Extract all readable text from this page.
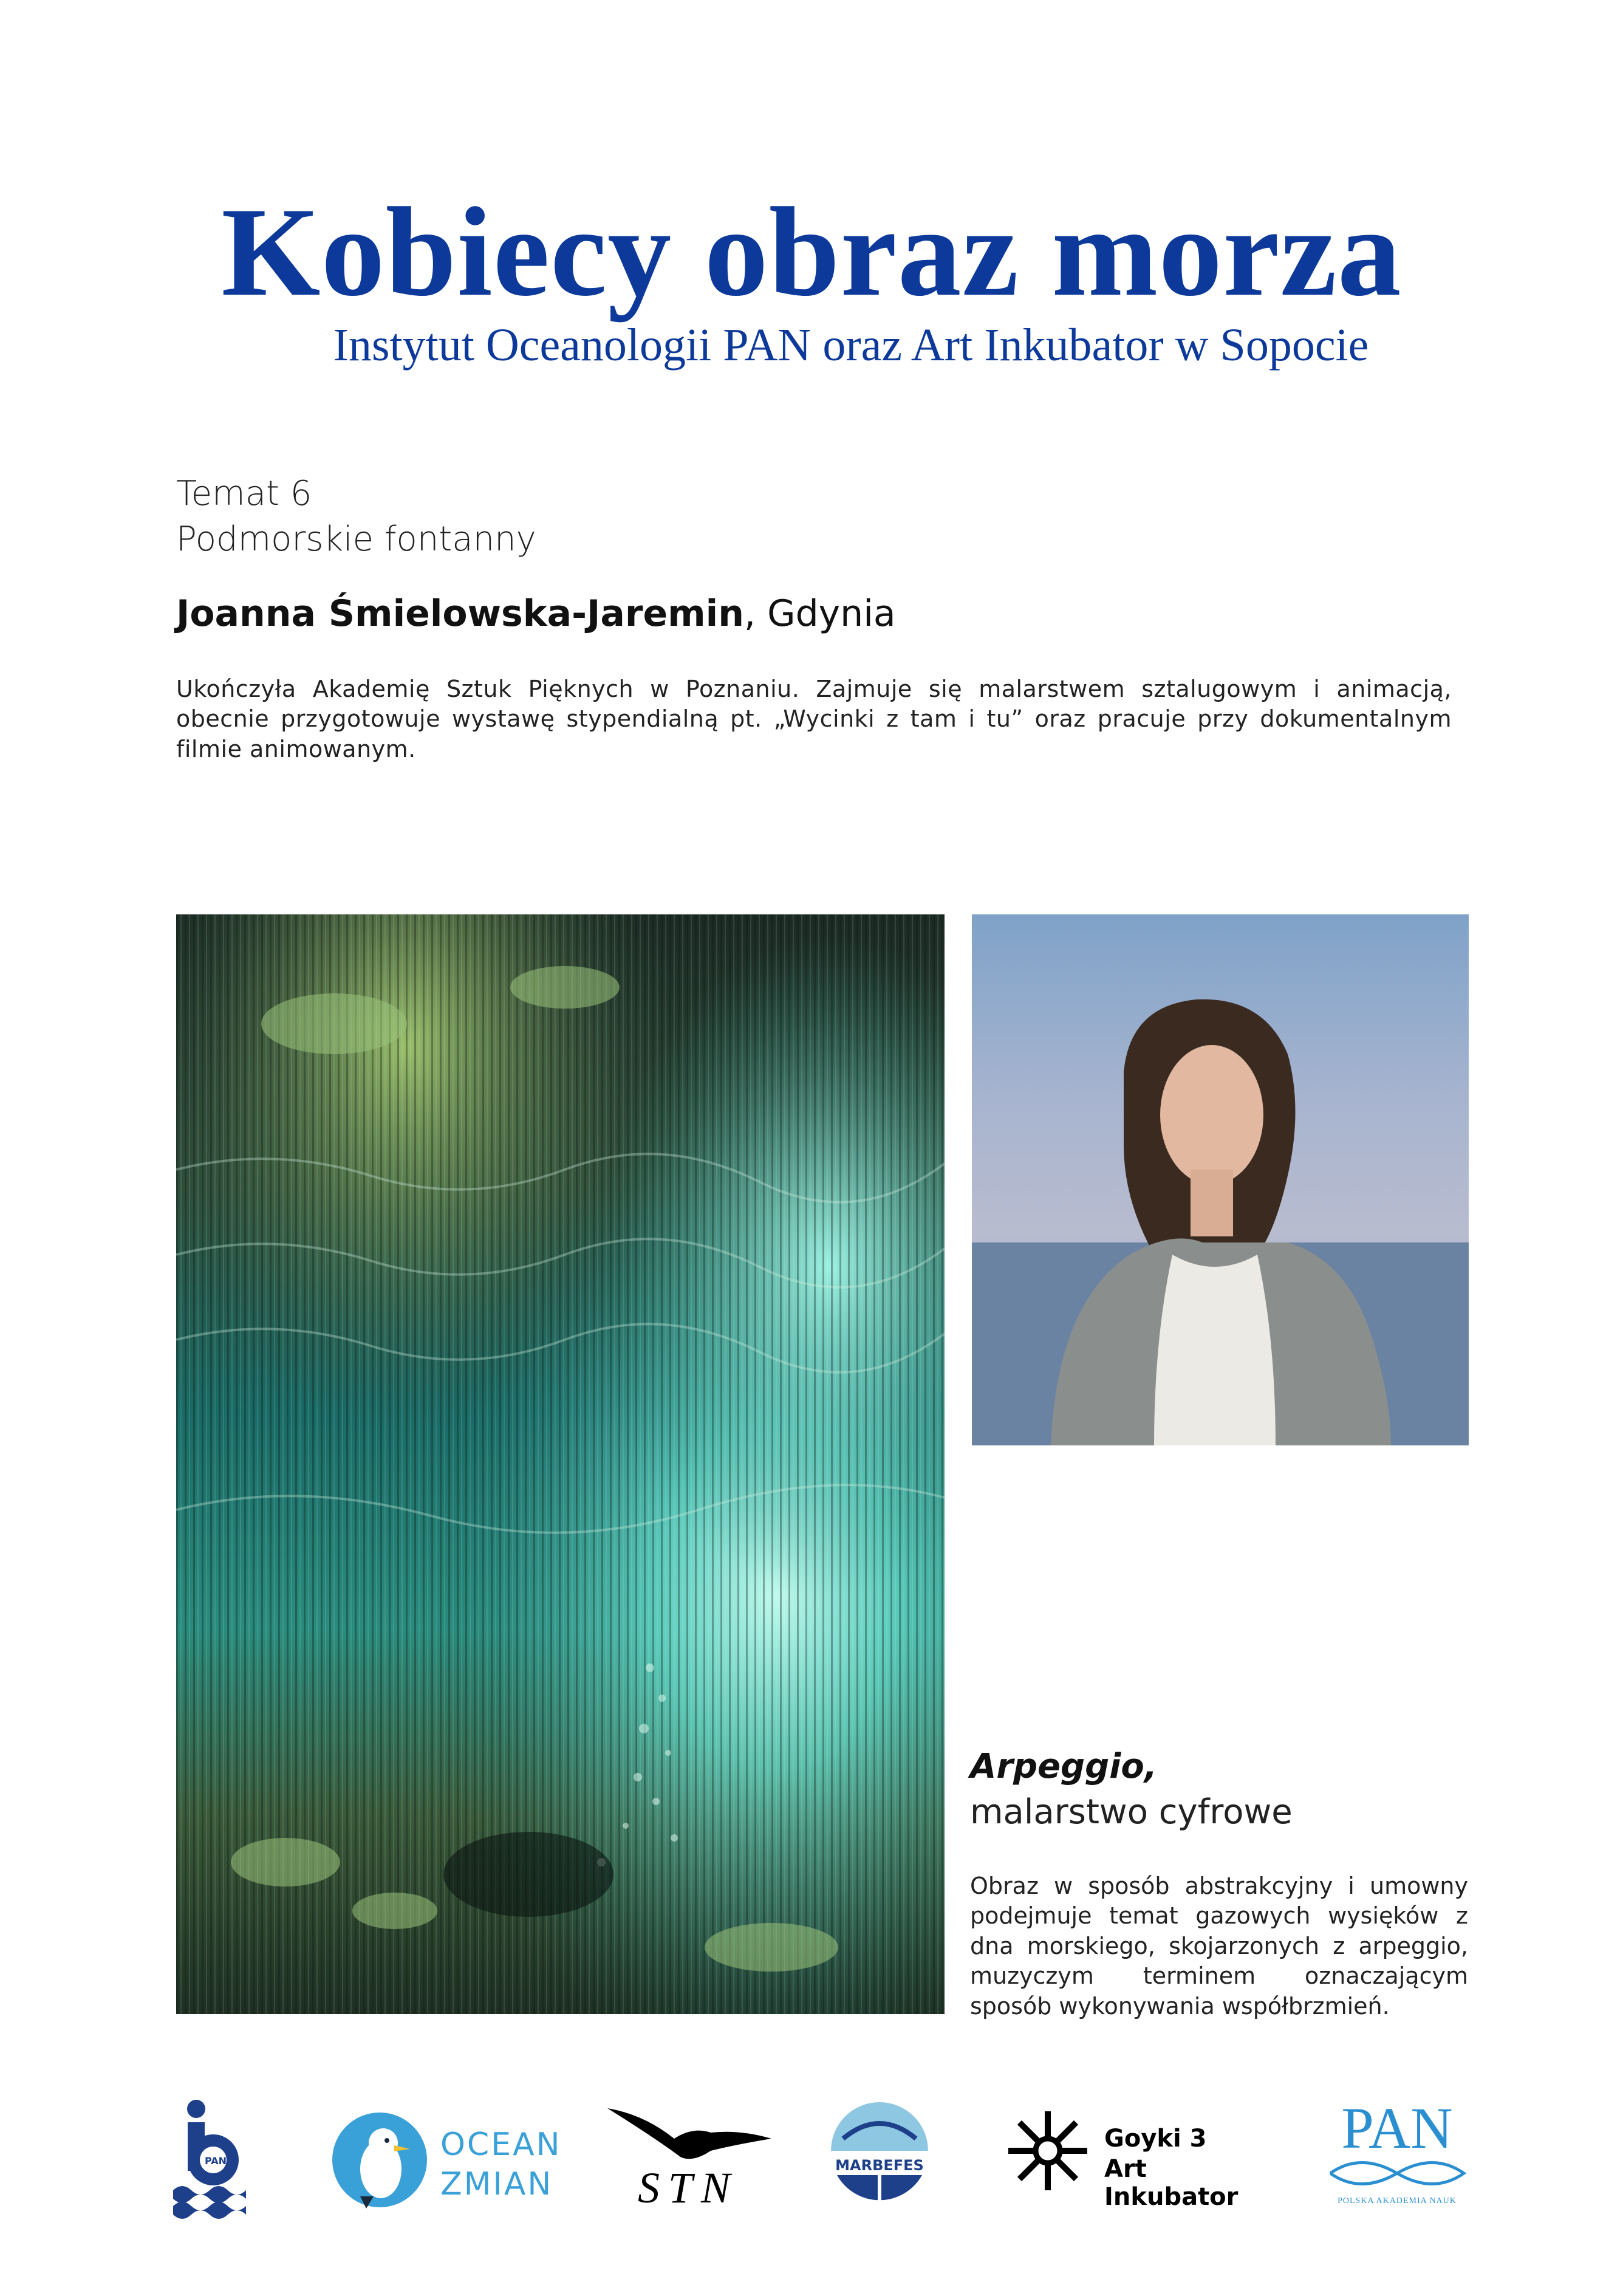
Kobiecy obraz morza
Instytut Oceanologii PAN oraz Art Inkubator w Sopocie
Temat 6
Podmorskie fontanny
Joanna Śmielowska-Jaremin, Gdynia
Ukończyła Akademię Sztuk Pięknych w Poznaniu. Zajmuje się malarstwem sztalugowym i animacją, obecnie przygotowuje wystawę stypendialną pt. „Wycinki z tam i tu” oraz pracuje przy dokumentalnym filmie animowanym.
Arpeggio,
malarstwo cyfrowe
Obraz w sposób abstrakcyjny i umowny podejmuje temat gazowych wysięków z dna morskiego, skojarzonych z arpeggio, muzyczym terminem oznaczającym sposób wykonywania współbrzmień.
PAN	OCEAN
ZMIAN STN	MARBEFES
Goyki 3
Art Inkubator
PAN
POLSKA AKADEMIA NAUK
